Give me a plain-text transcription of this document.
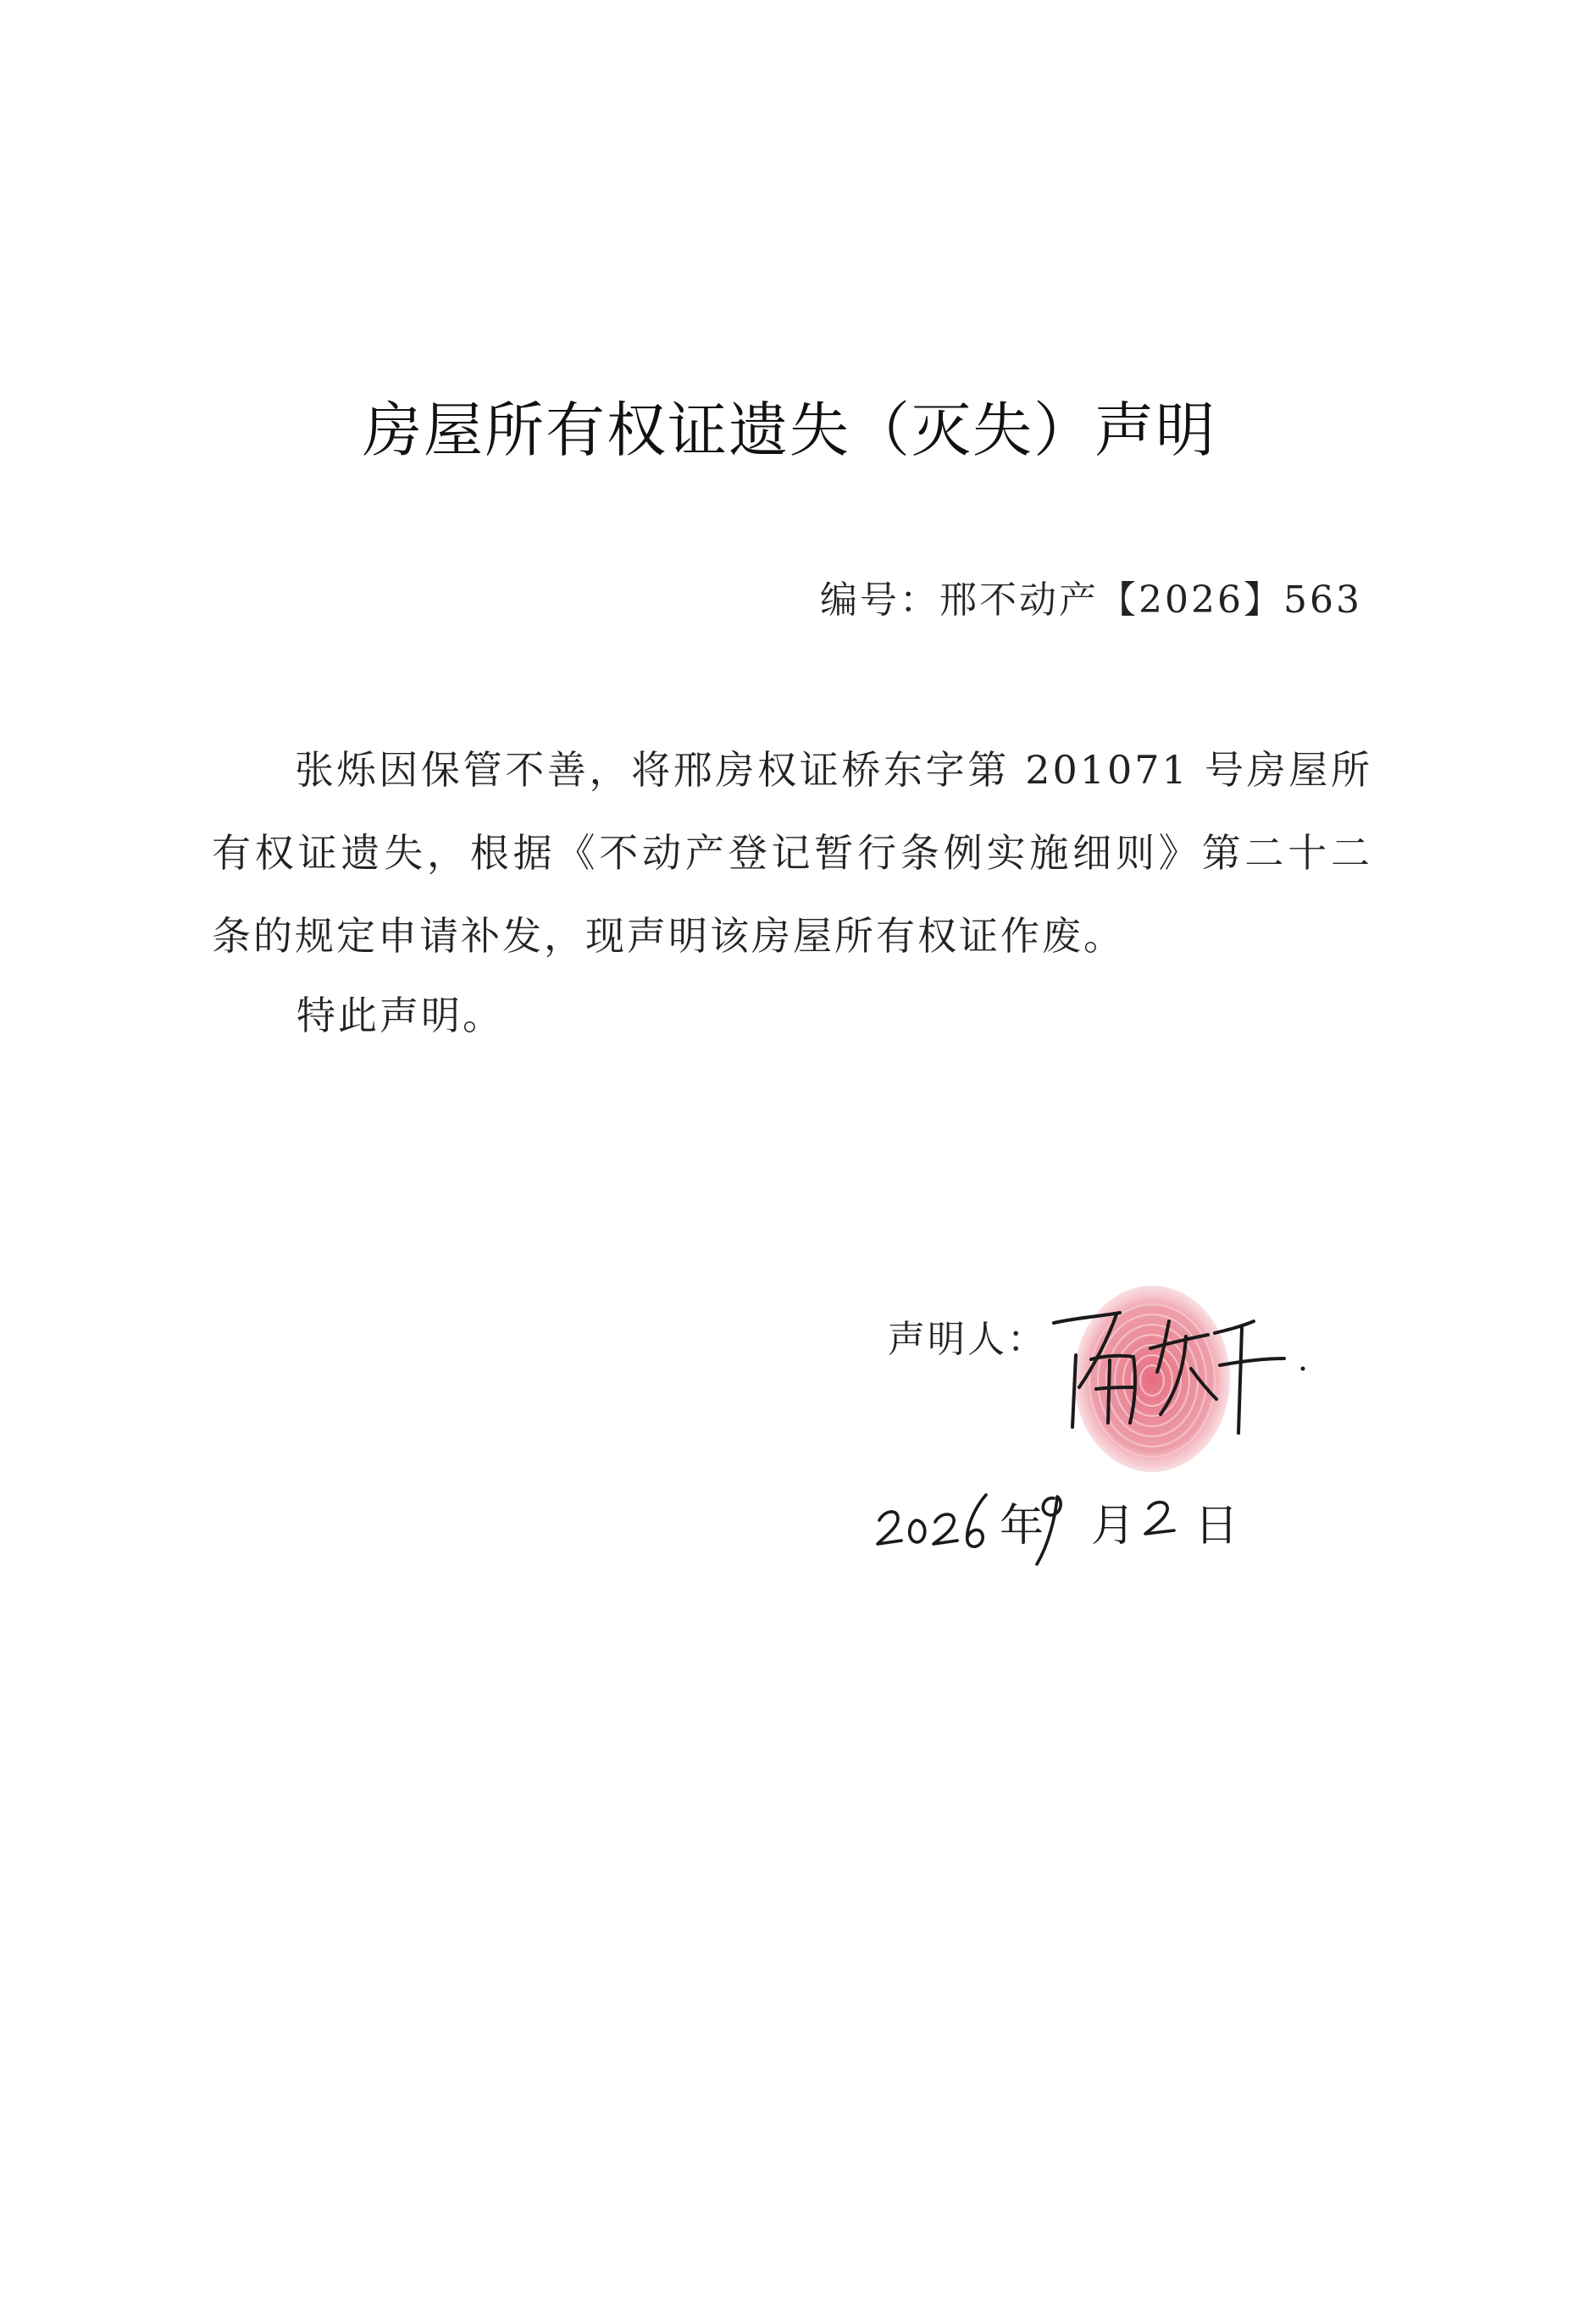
房屋所有权证遗失（灭失）声明
编号：邢不动产【2026】563

张烁因保管不善，将邢房权证桥东字第 201071 号房屋所有权证遗失，根据《不动产登记暂行条例实施细则》第二十二条的规定申请补发，现声明该房屋所有权证作废。

特此声明。
声明人：
年 月 日
